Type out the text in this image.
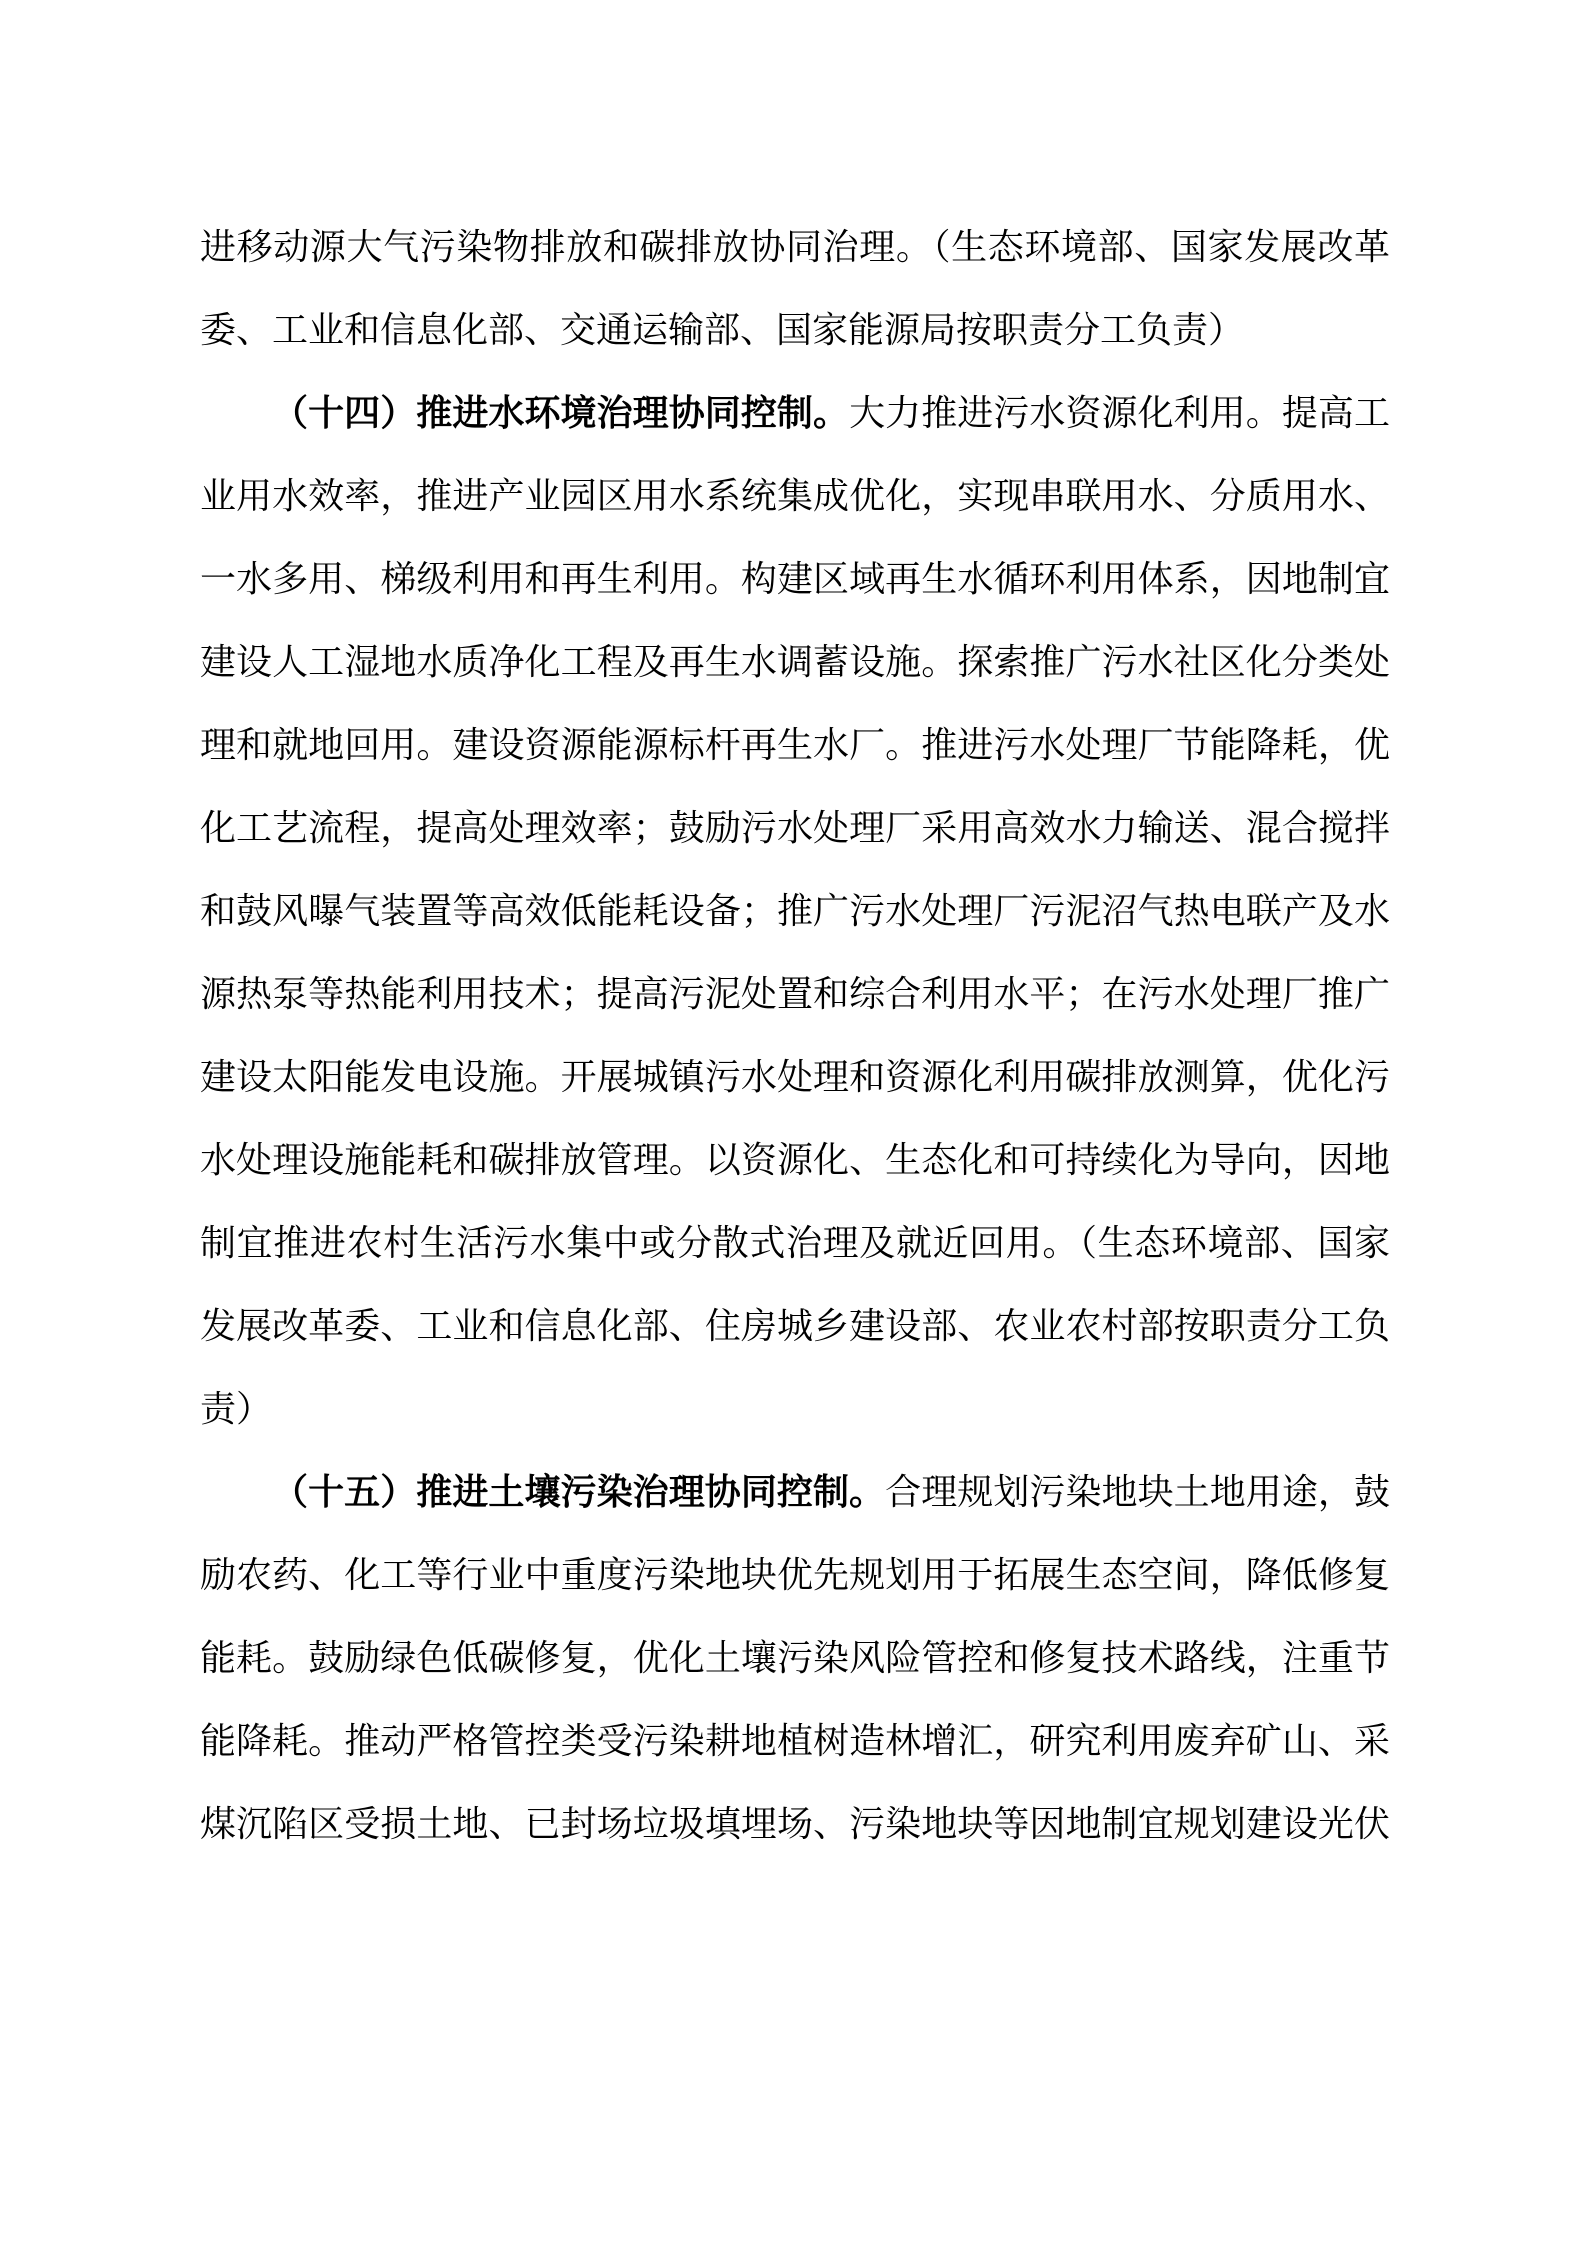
进移动源大气污染物排放和碳排放协同治理。（生态环境部、国家发展改革
委、工业和信息化部、交通运输部、国家能源局按职责分工负责）
（十四）推进水环境治理协同控制。大力推进污水资源化利用。提高工
业用水效率，推进产业园区用水系统集成优化，实现串联用水、分质用水、
一水多用、梯级利用和再生利用。构建区域再生水循环利用体系，因地制宜
建设人工湿地水质净化工程及再生水调蓄设施。探索推广污水社区化分类处
理和就地回用。建设资源能源标杆再生水厂。推进污水处理厂节能降耗，优
化工艺流程，提高处理效率；鼓励污水处理厂采用高效水力输送、混合搅拌
和鼓风曝气装置等高效低能耗设备；推广污水处理厂污泥沼气热电联产及水
源热泵等热能利用技术；提高污泥处置和综合利用水平；在污水处理厂推广
建设太阳能发电设施。开展城镇污水处理和资源化利用碳排放测算，优化污
水处理设施能耗和碳排放管理。以资源化、生态化和可持续化为导向，因地
制宜推进农村生活污水集中或分散式治理及就近回用。（生态环境部、国家
发展改革委、工业和信息化部、住房城乡建设部、农业农村部按职责分工负
责）
（十五）推进土壤污染治理协同控制。合理规划污染地块土地用途，鼓
励农药、化工等行业中重度污染地块优先规划用于拓展生态空间，降低修复
能耗。鼓励绿色低碳修复，优化土壤污染风险管控和修复技术路线，注重节
能降耗。推动严格管控类受污染耕地植树造林增汇，研究利用废弃矿山、采
煤沉陷区受损土地、已封场垃圾填埋场、污染地块等因地制宜规划建设光伏
